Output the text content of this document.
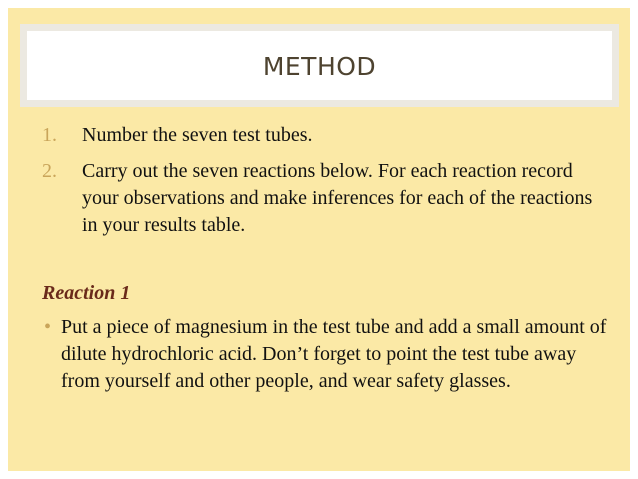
METHOD
1. Number the seven test tubes.
2. Carry out the seven reactions below. For each reaction record your observations and make inferences for each of the reactions in your results table.
Reaction 1
• Put a piece of magnesium in the test tube and add a small amount of dilute hydrochloric acid. Don’t forget to point the test tube away from yourself and other people, and wear safety glasses.
